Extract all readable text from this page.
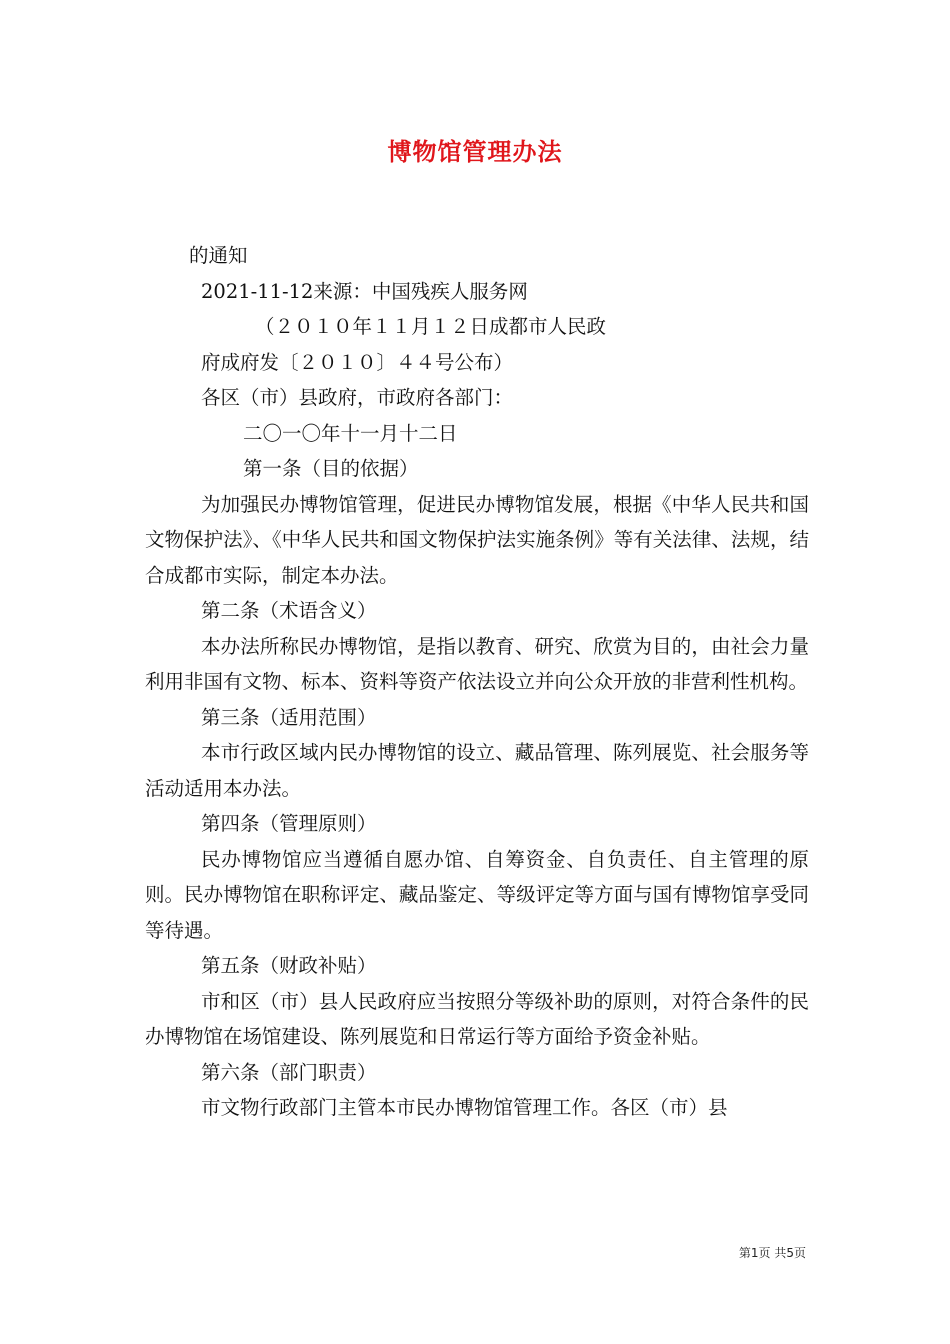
博物馆管理办法

的通知

2021-11-12来源：中国残疾人服务网

（２０１０年１１月１２日成都市人民政

府成府发〔２０１０〕４４号公布）

各区（市）县政府，市政府各部门：

二〇一〇年十一月十二日

第一条（目的依据）

为加强民办博物馆管理，促进民办博物馆发展，根据《中华人民共和国文物保护法》、《中华人民共和国文物保护法实施条例》等有关法律、法规，结合成都市实际，制定本办法。

第二条（术语含义）

本办法所称民办博物馆，是指以教育、研究、欣赏为目的，由社会力量利用非国有文物、标本、资料等资产依法设立并向公众开放的非营利性机构。

第三条（适用范围）

本市行政区域内民办博物馆的设立、藏品管理、陈列展览、社会服务等活动适用本办法。

第四条（管理原则）

民办博物馆应当遵循自愿办馆、自筹资金、自负责任、自主管理的原则。民办博物馆在职称评定、藏品鉴定、等级评定等方面与国有博物馆享受同等待遇。

第五条（财政补贴）

市和区（市）县人民政府应当按照分等级补助的原则，对符合条件的民办博物馆在场馆建设、陈列展览和日常运行等方面给予资金补贴。

第六条（部门职责）

市文物行政部门主管本市民办博物馆管理工作。各区（市）县

第1页 共5页
